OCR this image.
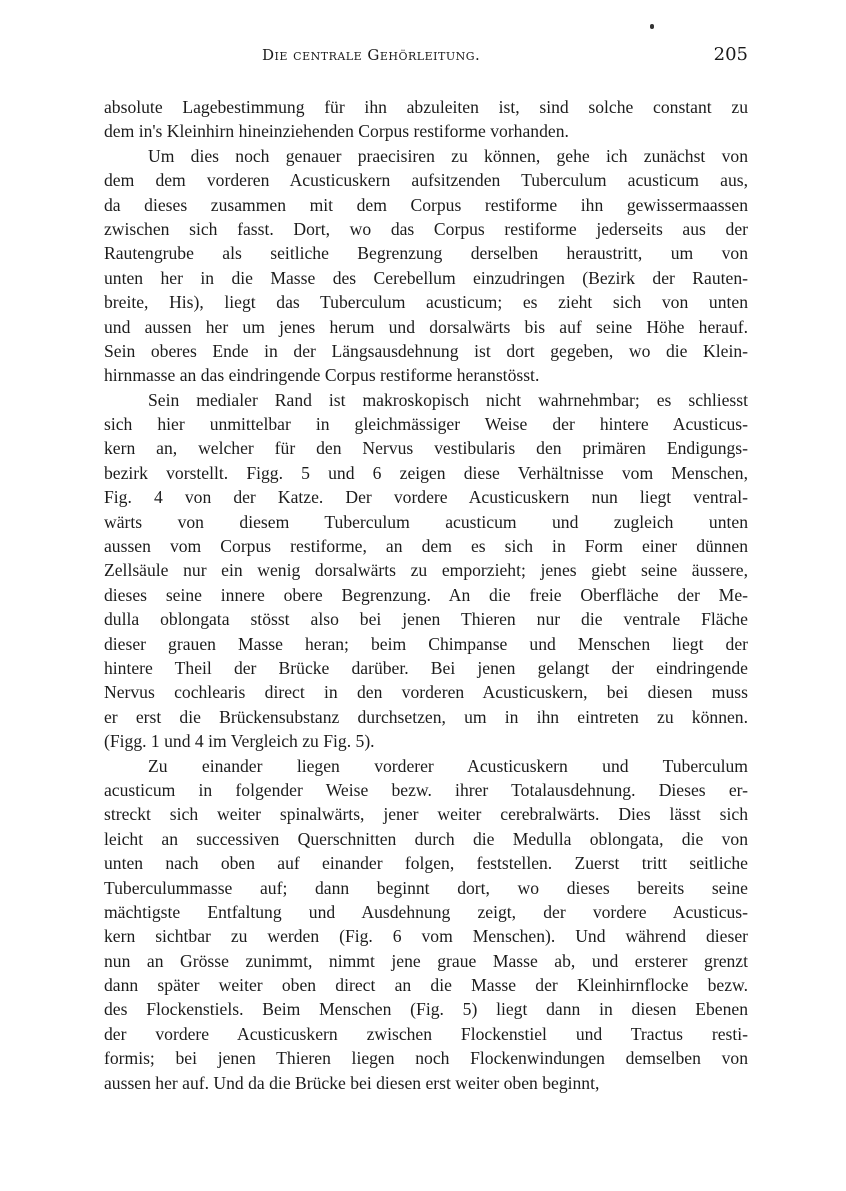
Die centrale Gehörleitung.	205
absolute Lagebestimmung für ihn abzuleiten ist, sind solche constant zu
dem in's Kleinhirn hineinziehenden Corpus restiforme vorhanden.
Um dies noch genauer praecisiren zu können, gehe ich zunächst von
dem dem vorderen Acusticuskern aufsitzenden Tuberculum acusticum aus,
da dieses zusammen mit dem Corpus restiforme ihn gewissermaassen
zwischen sich fasst. Dort, wo das Corpus restiforme jederseits aus der
Rautengrube als seitliche Begrenzung derselben heraustritt, um von
unten her in die Masse des Cerebellum einzudringen (Bezirk der Rauten-
breite, His), liegt das Tuberculum acusticum; es zieht sich von unten
und aussen her um jenes herum und dorsalwärts bis auf seine Höhe herauf.
Sein oberes Ende in der Längsausdehnung ist dort gegeben, wo die Klein-
hirnmasse an das eindringende Corpus restiforme heranstösst.
Sein medialer Rand ist makroskopisch nicht wahrnehmbar; es schliesst
sich hier unmittelbar in gleichmässiger Weise der hintere Acusticus-
kern an, welcher für den Nervus vestibularis den primären Endigungs-
bezirk vorstellt. Figg. 5 und 6 zeigen diese Verhältnisse vom Menschen,
Fig. 4 von der Katze. Der vordere Acusticuskern nun liegt ventral-
wärts von diesem Tuberculum acusticum und zugleich unten
aussen vom Corpus restiforme, an dem es sich in Form einer dünnen
Zellsäule nur ein wenig dorsalwärts zu emporzieht; jenes giebt seine äussere,
dieses seine innere obere Begrenzung. An die freie Oberfläche der Me-
dulla oblongata stösst also bei jenen Thieren nur die ventrale Fläche
dieser grauen Masse heran; beim Chimpanse und Menschen liegt der
hintere Theil der Brücke darüber. Bei jenen gelangt der eindringende
Nervus cochlearis direct in den vorderen Acusticuskern, bei diesen muss
er erst die Brückensubstanz durchsetzen, um in ihn eintreten zu können.
(Figg. 1 und 4 im Vergleich zu Fig. 5).
Zu einander liegen vorderer Acusticuskern und Tuberculum
acusticum in folgender Weise bezw. ihrer Totalausdehnung. Dieses er-
streckt sich weiter spinalwärts, jener weiter cerebralwärts. Dies lässt sich
leicht an successiven Querschnitten durch die Medulla oblongata, die von
unten nach oben auf einander folgen, feststellen. Zuerst tritt seitliche
Tuberculummasse auf; dann beginnt dort, wo dieses bereits seine
mächtigste Entfaltung und Ausdehnung zeigt, der vordere Acusticus-
kern sichtbar zu werden (Fig. 6 vom Menschen). Und während dieser
nun an Grösse zunimmt, nimmt jene graue Masse ab, und ersterer grenzt
dann später weiter oben direct an die Masse der Kleinhirnflocke bezw.
des Flockenstiels. Beim Menschen (Fig. 5) liegt dann in diesen Ebenen
der vordere Acusticuskern zwischen Flockenstiel und Tractus resti-
formis; bei jenen Thieren liegen noch Flockenwindungen demselben von
aussen her auf. Und da die Brücke bei diesen erst weiter oben beginnt,
